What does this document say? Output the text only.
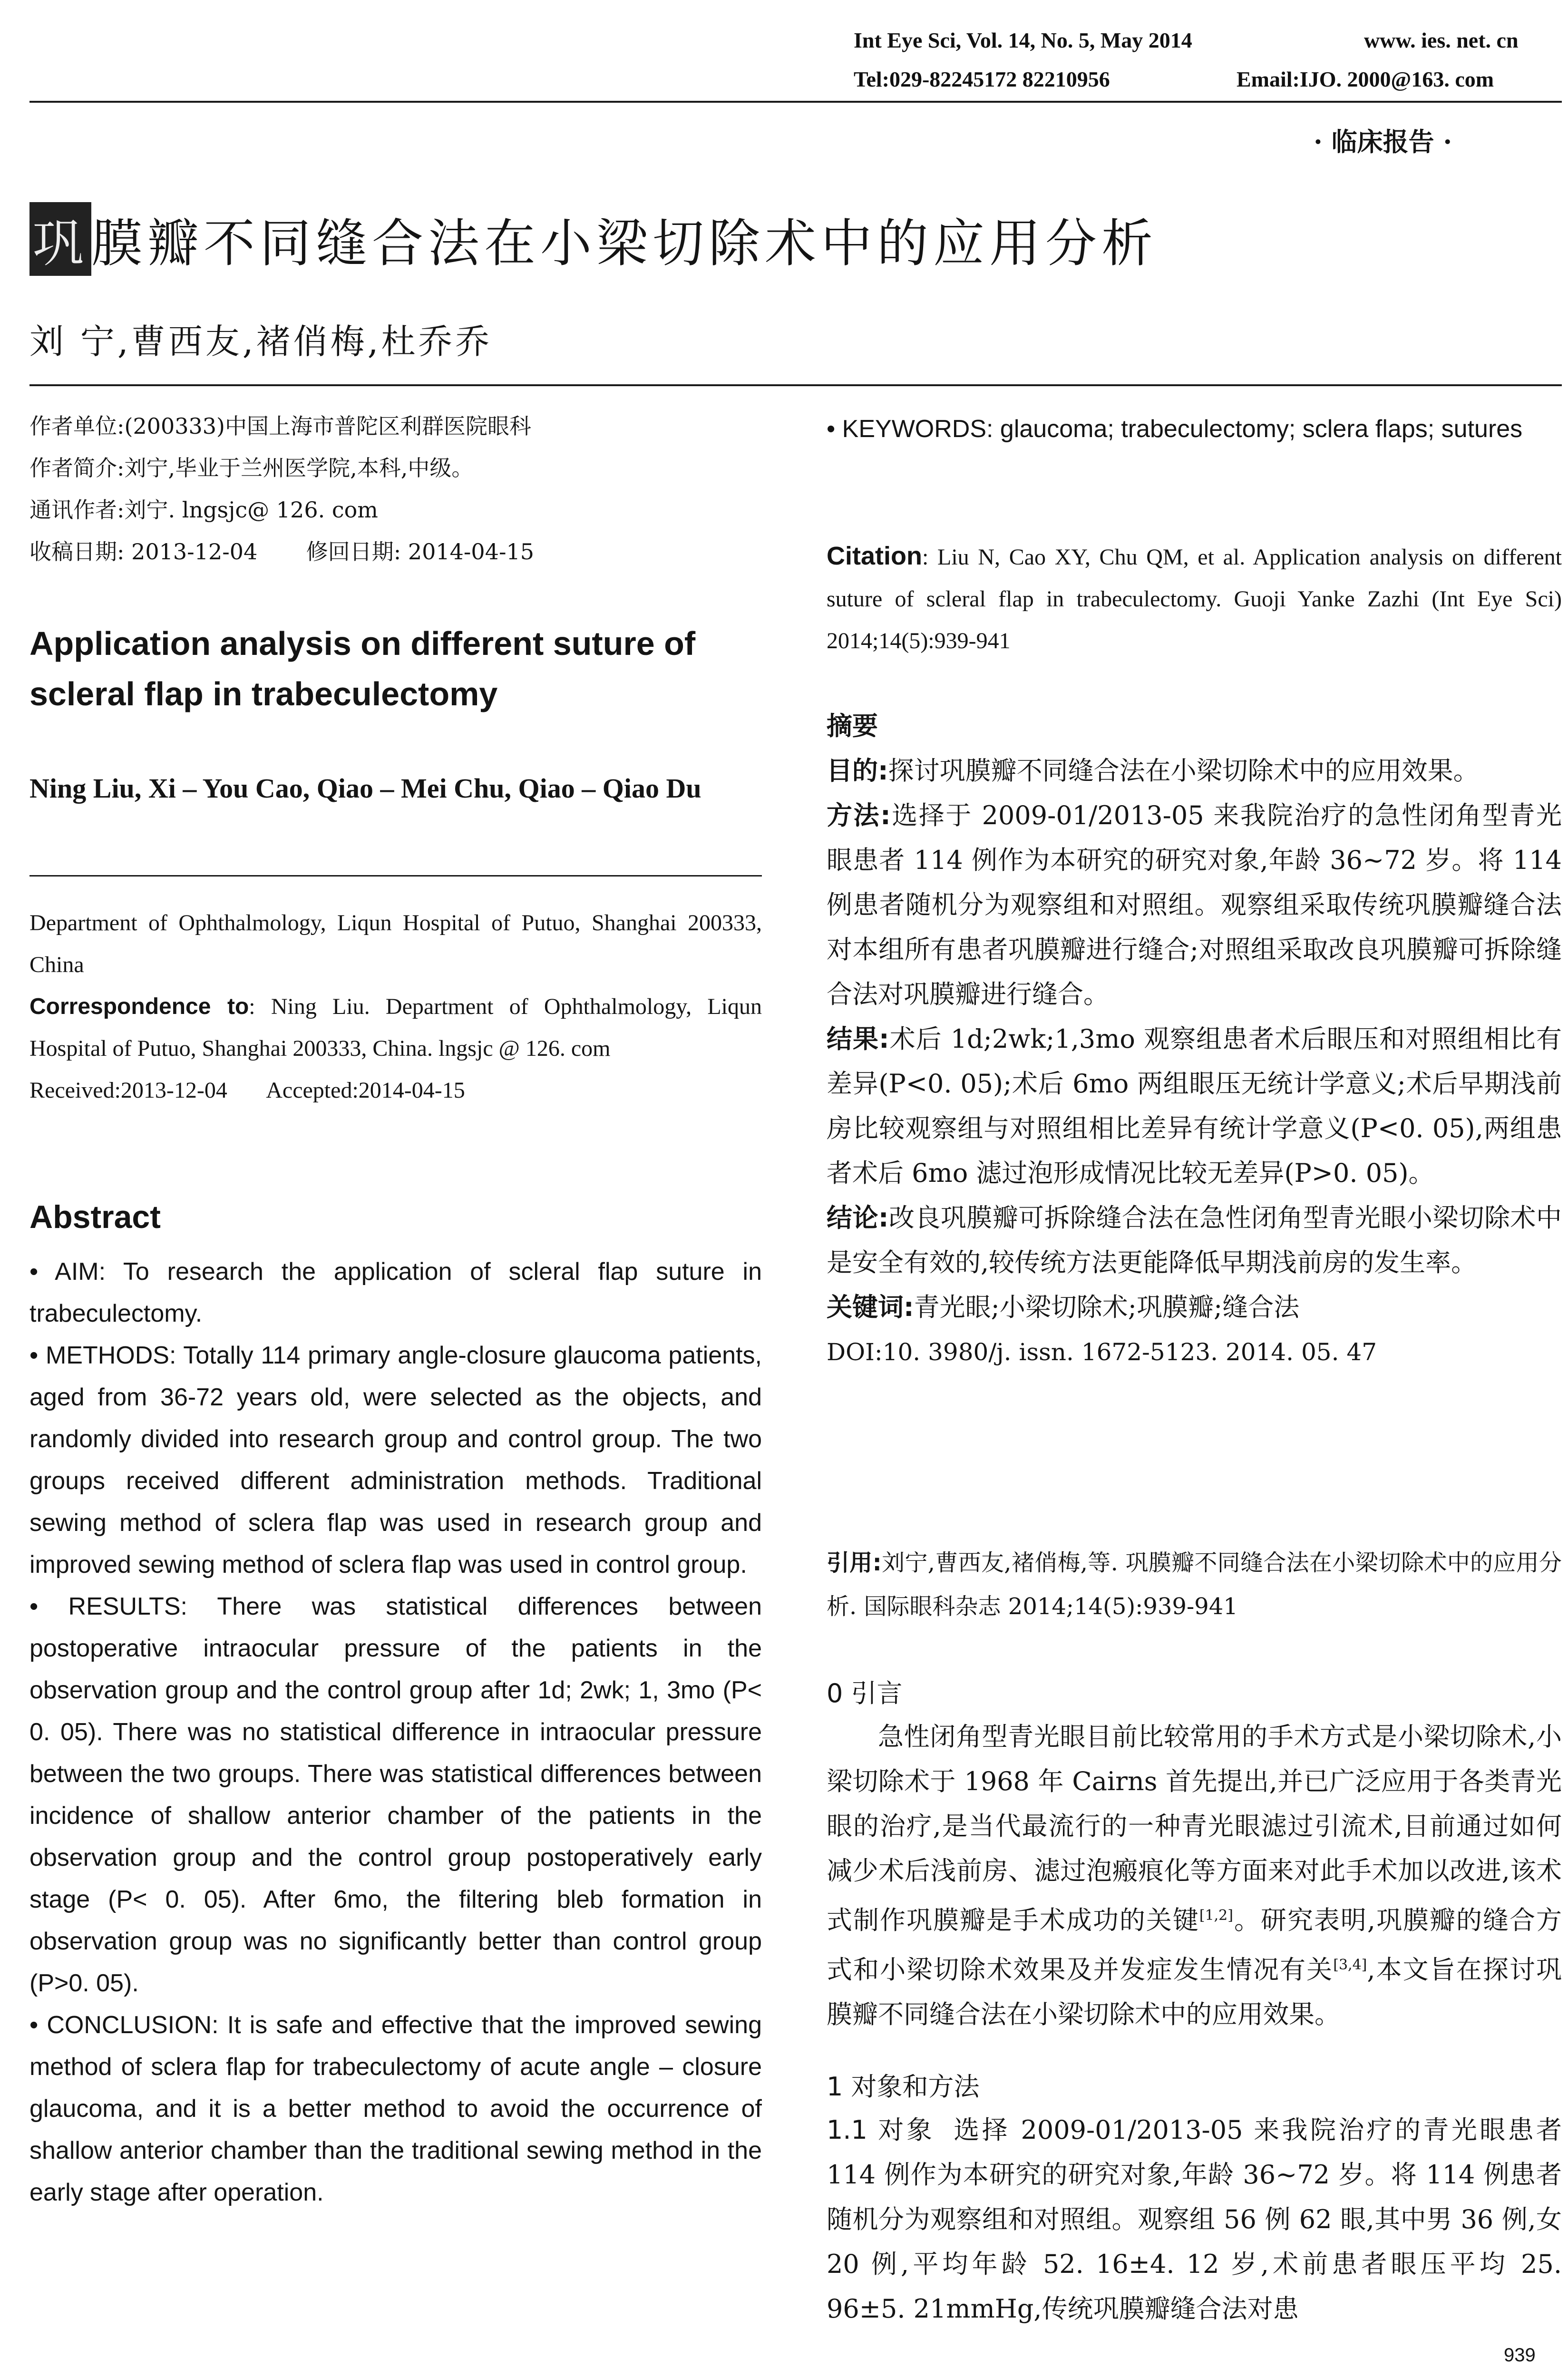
Int Eye Sci, Vol. 14, No. 5, May 2014	www. ies. net. cn
Tel:029-82245172 82210956	Email:IJO. 2000@163. com
· 临床报告 ·
巩膜瓣不同缝合法在小梁切除术中的应用分析
刘 宁,曹西友,褚俏梅,杜乔乔
作者单位:(200333)中国上海市普陀区利群医院眼科
作者简介:刘宁,毕业于兰州医学院,本科,中级。
通讯作者:刘宁. lngsjc@ 126. com
收稿日期: 2013-12-04       修回日期: 2014-04-15
Application analysis on different suture of scleral flap in trabeculectomy
Ning Liu, Xi – You Cao, Qiao – Mei Chu, Qiao – Qiao Du
Department of Ophthalmology, Liqun Hospital of Putuo, Shanghai 200333, China
Correspondence to: Ning Liu. Department of Ophthalmology, Liqun Hospital of Putuo, Shanghai 200333, China. lngsjc @ 126. com
Received:2013-12-04       Accepted:2014-04-15
Abstract
• AIM: To research the application of scleral flap suture in trabeculectomy.
• METHODS: Totally 114 primary angle-closure glaucoma patients, aged from 36-72 years old, were selected as the objects, and randomly divided into research group and control group. The two groups received different administration methods. Traditional sewing method of sclera flap was used in research group and improved sewing method of sclera flap was used in control group.
• RESULTS: There was statistical differences between postoperative intraocular pressure of the patients in the observation group and the control group after 1d; 2wk; 1, 3mo (P< 0. 05). There was no statistical difference in intraocular pressure between the two groups. There was statistical differences between incidence of shallow anterior chamber of the patients in the observation group and the control group postoperatively early stage (P< 0. 05). After 6mo, the filtering bleb formation in observation group was no significantly better than control group (P>0. 05).
• CONCLUSION: It is safe and effective that the improved sewing method of sclera flap for trabeculectomy of acute angle – closure glaucoma, and it is a better method to avoid the occurrence of shallow anterior chamber than the traditional sewing method in the early stage after operation.
• KEYWORDS: glaucoma; trabeculectomy; sclera flaps; sutures
Citation: Liu N, Cao XY, Chu QM, et al. Application analysis on different suture of scleral flap in trabeculectomy. Guoji Yanke Zazhi (Int Eye Sci) 2014;14(5):939-941
摘要
目的:探讨巩膜瓣不同缝合法在小梁切除术中的应用效果。
方法:选择于 2009-01/2013-05 来我院治疗的急性闭角型青光眼患者 114 例作为本研究的研究对象,年龄 36~72 岁。将 114 例患者随机分为观察组和对照组。观察组采取传统巩膜瓣缝合法对本组所有患者巩膜瓣进行缝合;对照组采取改良巩膜瓣可拆除缝合法对巩膜瓣进行缝合。
结果:术后 1d;2wk;1,3mo 观察组患者术后眼压和对照组相比有差异(P<0. 05);术后 6mo 两组眼压无统计学意义;术后早期浅前房比较观察组与对照组相比差异有统计学意义(P<0. 05),两组患者术后 6mo 滤过泡形成情况比较无差异(P>0. 05)。
结论:改良巩膜瓣可拆除缝合法在急性闭角型青光眼小梁切除术中是安全有效的,较传统方法更能降低早期浅前房的发生率。
关键词:青光眼;小梁切除术;巩膜瓣;缝合法
DOI:10. 3980/j. issn. 1672-5123. 2014. 05. 47
引用:刘宁,曹西友,褚俏梅,等. 巩膜瓣不同缝合法在小梁切除术中的应用分析. 国际眼科杂志 2014;14(5):939-941
0 引言
急性闭角型青光眼目前比较常用的手术方式是小梁切除术,小梁切除术于 1968 年 Cairns 首先提出,并已广泛应用于各类青光眼的治疗,是当代最流行的一种青光眼滤过引流术,目前通过如何减少术后浅前房、滤过泡瘢痕化等方面来对此手术加以改进,该术式制作巩膜瓣是手术成功的关键[1,2]。研究表明,巩膜瓣的缝合方式和小梁切除术效果及并发症发生情况有关[3,4],本文旨在探讨巩膜瓣不同缝合法在小梁切除术中的应用效果。
1 对象和方法
1.1 对象 选择 2009-01/2013-05 来我院治疗的青光眼患者 114 例作为本研究的研究对象,年龄 36~72 岁。将 114 例患者随机分为观察组和对照组。观察组 56 例 62 眼,其中男 36 例,女 20 例,平均年龄 52. 16±4. 12 岁,术前患者眼压平均 25. 96±5. 21mmHg,传统巩膜瓣缝合法对患
939
